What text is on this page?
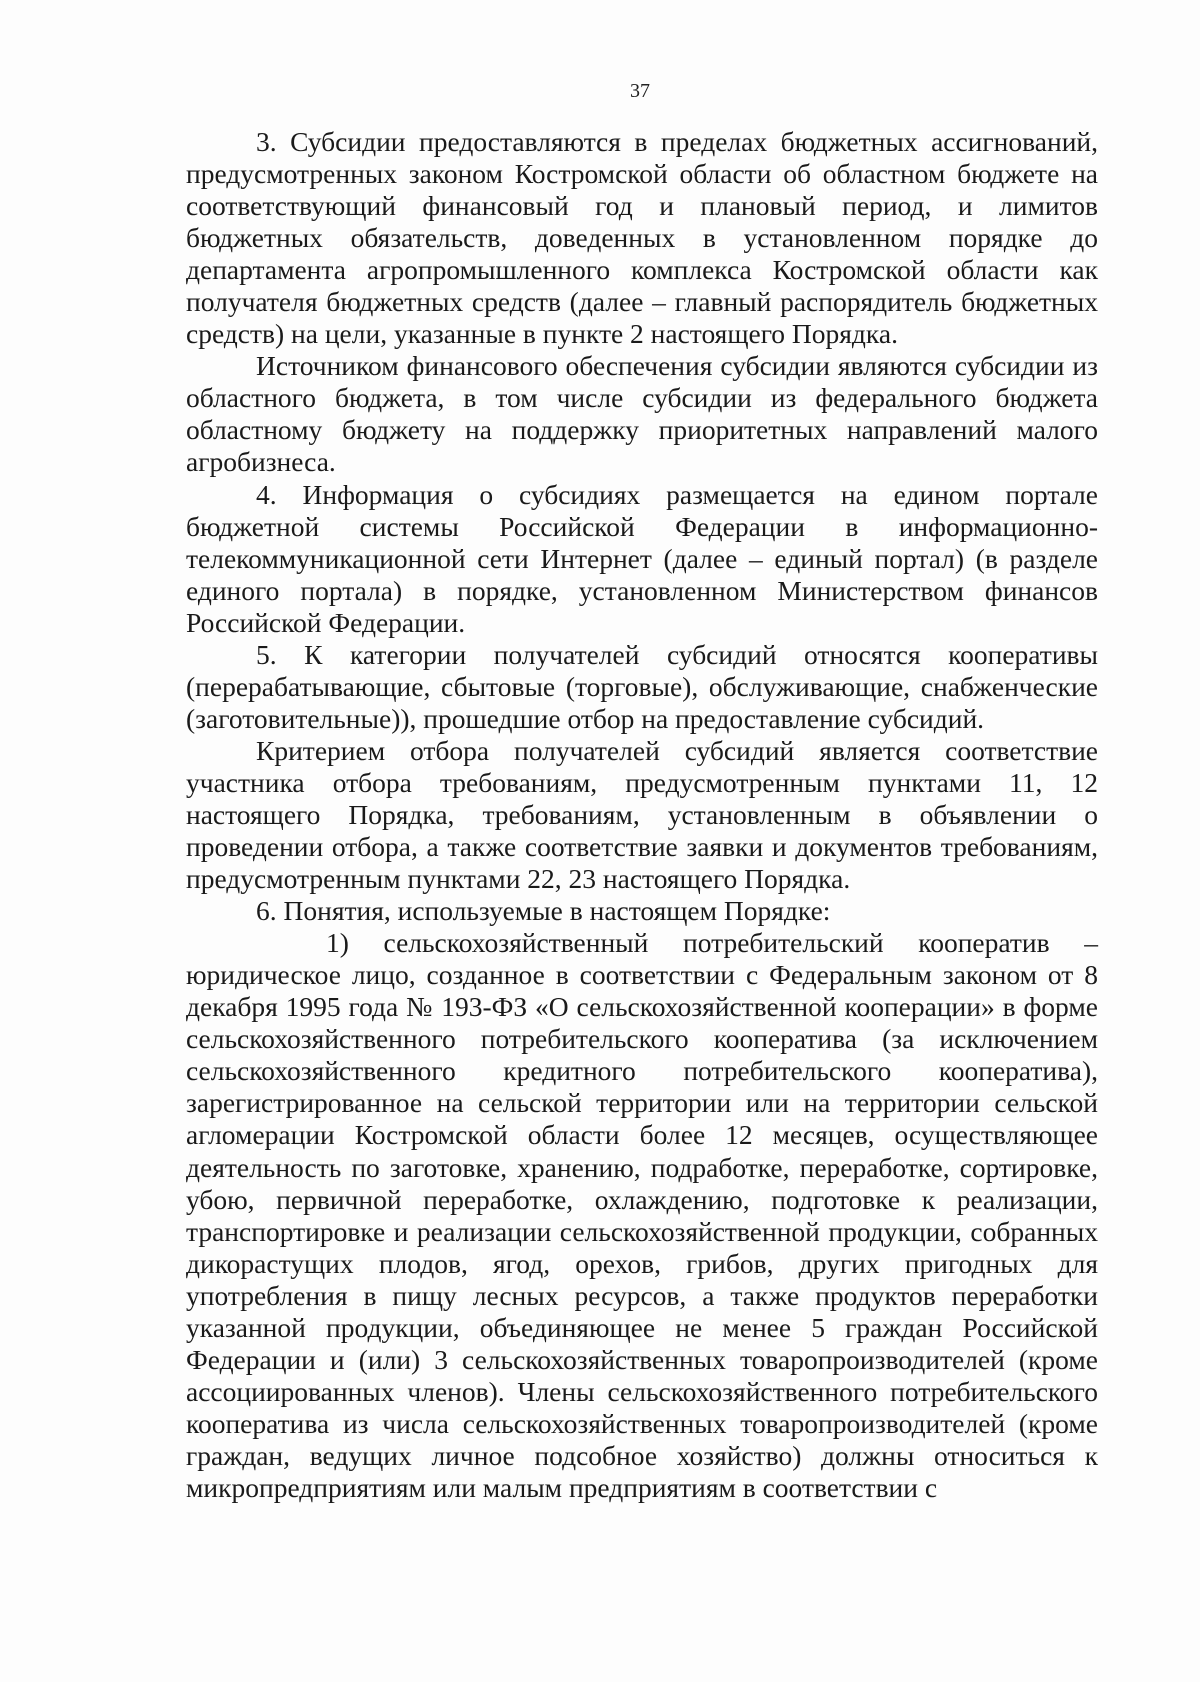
37

3. Субсидии предоставляются в пределах бюджетных ассигнований, предусмотренных законом Костромской области об областном бюджете на соответствующий финансовый год и плановый период, и лимитов бюджетных обязательств, доведенных в установленном порядке до департамента агропромышленного комплекса Костромской области как получателя бюджетных средств (далее – главный распорядитель бюджетных средств) на цели, указанные в пункте 2 настоящего Порядка.

Источником финансового обеспечения субсидии являются субсидии из областного бюджета, в том числе субсидии из федерального бюджета областному бюджету на поддержку приоритетных направлений малого агробизнеса.

4. Информация о субсидиях размещается на едином портале бюджетной системы Российской Федерации в информационно-телекоммуникационной сети Интернет (далее – единый портал) (в разделе единого портала) в порядке, установленном Министерством финансов Российской Федерации.

5. К категории получателей субсидий относятся кооперативы (перерабатывающие, сбытовые (торговые), обслуживающие, снабженческие (заготовительные)), прошедшие отбор на предоставление субсидий.

Критерием отбора получателей субсидий является соответствие участника отбора требованиям, предусмотренным пунктами 11, 12 настоящего Порядка, требованиям, установленным в объявлении о проведении отбора, а также соответствие заявки и документов требованиям, предусмотренным пунктами 22, 23 настоящего Порядка.

6. Понятия, используемые в настоящем Порядке:

1) сельскохозяйственный потребительский кооператив – юридическое лицо, созданное в соответствии с Федеральным законом от 8 декабря 1995 года № 193-ФЗ «О сельскохозяйственной кооперации» в форме сельскохозяйственного потребительского кооператива (за исключением сельскохозяйственного кредитного потребительского кооператива), зарегистрированное на сельской территории или на территории сельской агломерации Костромской области более 12 месяцев, осуществляющее деятельность по заготовке, хранению, подработке, переработке, сортировке, убою, первичной переработке, охлаждению, подготовке к реализации, транспортировке и реализации сельскохозяйственной продукции, собранных дикорастущих плодов, ягод, орехов, грибов, других пригодных для употребления в пищу лесных ресурсов, а также продуктов переработки указанной продукции, объединяющее не менее 5 граждан Российской Федерации и (или) 3 сельскохозяйственных товаропроизводителей (кроме ассоциированных членов). Члены сельскохозяйственного потребительского кооператива из числа сельскохозяйственных товаропроизводителей (кроме граждан, ведущих личное подсобное хозяйство) должны относиться к микропредприятиям или малым предприятиям в соответствии с
